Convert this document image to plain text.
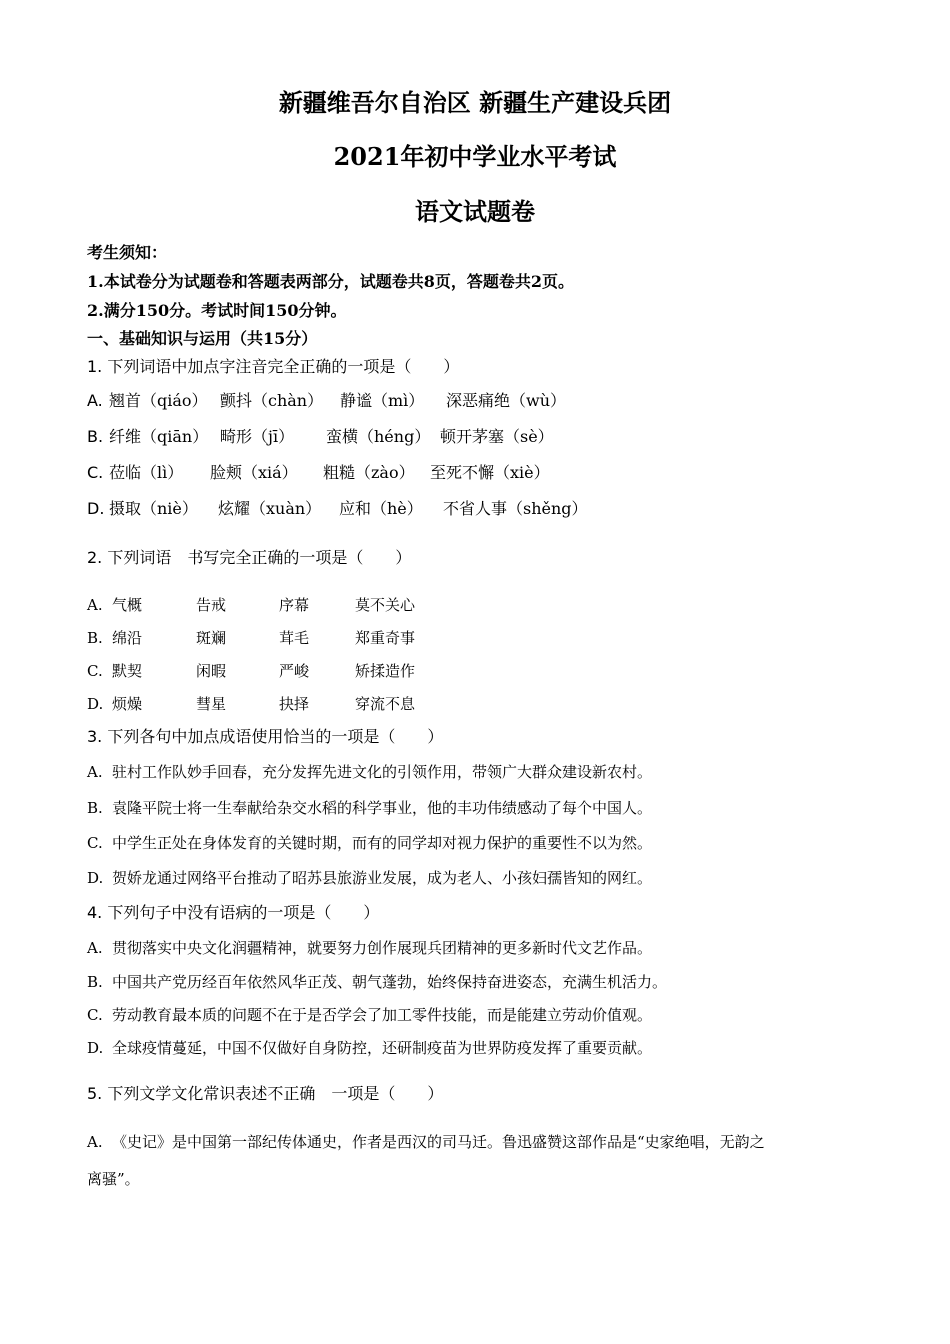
新疆维吾尔自治区 新疆生产建设兵团
2021年初中学业水平考试
语文试题卷
考生须知：
1.本试卷分为试题卷和答题表两部分，试题卷共8页，答题卷共2页。
2.满分150分。考试时间150分钟。
一、基础知识与运用（共15分）
1. 下列词语中加点字注音完全正确的一项是（　　）
A. 翘首（qiáo） 颤抖（chàn） 静谧（mì） 深恶痛绝（wù）
B. 纤维（qiān） 畸形（jī） 蛮横（héng） 顿开茅塞（sè）
C. 莅临（lì） 脸颊（xiá） 粗糙（zào） 至死不懈（xiè）
D. 摄取（niè） 炫耀（xuàn） 应和（hè） 不省人事（shěng）
2. 下列词语　书写完全正确的一项是（　　）
A. 气概	告戒	序幕	莫不关心
B. 绵沿	斑斓	茸毛	郑重奇事
C. 默契	闲暇	严峻	矫揉造作
D. 烦燥	彗星	抉择	穿流不息
3. 下列各句中加点成语使用恰当的一项是（　　）
A. 驻村工作队妙手回春，充分发挥先进文化的引领作用，带领广大群众建设新农村。
B. 袁隆平院士将一生奉献给杂交水稻的科学事业，他的丰功伟绩感动了每个中国人。
C. 中学生正处在身体发育的关键时期，而有的同学却对视力保护的重要性不以为然。
D. 贺娇龙通过网络平台推动了昭苏县旅游业发展，成为老人、小孩妇孺皆知的网红。
4. 下列句子中没有语病的一项是（　　）
A. 贯彻落实中央文化润疆精神，就要努力创作展现兵团精神的更多新时代文艺作品。
B. 中国共产党历经百年依然风华正茂、朝气蓬勃，始终保持奋进姿态，充满生机活力。
C. 劳动教育最本质的问题不在于是否学会了加工零件技能，而是能建立劳动价值观。
D. 全球疫情蔓延，中国不仅做好自身防控，还研制疫苗为世界防疫发挥了重要贡献。
5. 下列文学文化常识表述不正确　一项是（　　）
A. 《史记》是中国第一部纪传体通史，作者是西汉的司马迁。鲁迅盛赞这部作品是“史家绝唱，无韵之
离骚”。
